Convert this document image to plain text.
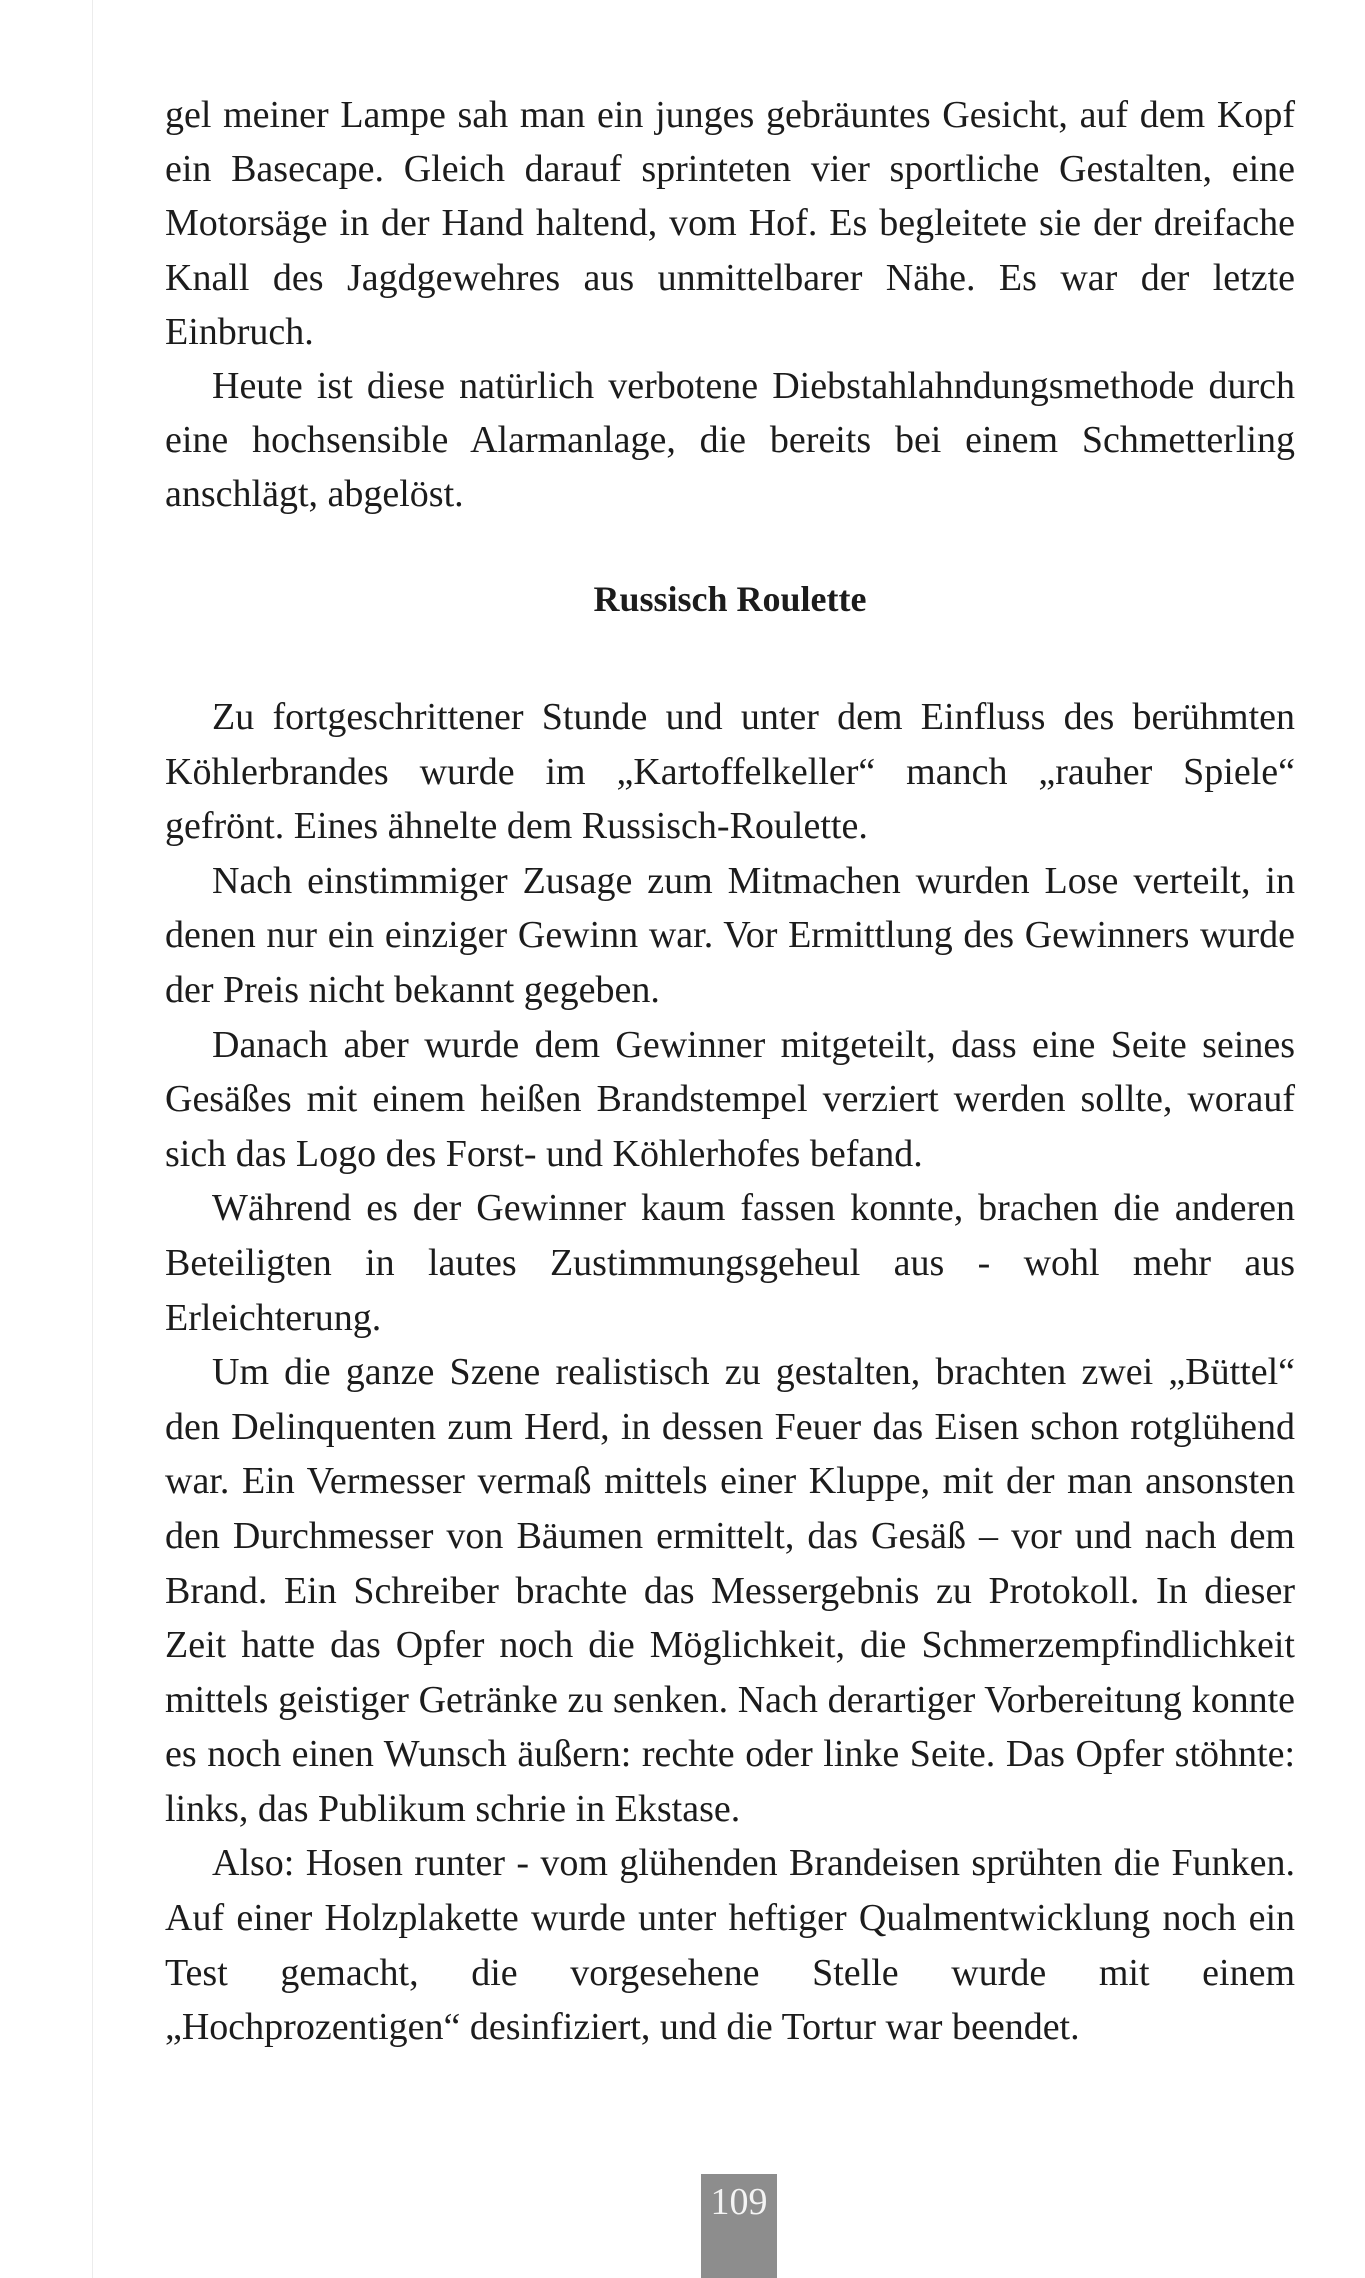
gel meiner Lampe sah man ein junges gebräuntes Gesicht, auf dem Kopf ein Basecape. Gleich darauf sprinteten vier sportliche Gestalten, eine Motorsäge in der Hand haltend, vom Hof. Es begleitete sie der dreifache Knall des Jagdgewehres aus unmittelbarer Nähe. Es war der letzte Einbruch.

Heute ist diese natürlich verbotene Diebstahlahndungsmethode durch eine hochsensible Alarmanlage, die bereits bei einem Schmetterling anschlägt, abgelöst.

Russisch Roulette

Zu fortgeschrittener Stunde und unter dem Einfluss des berühmten Köhlerbrandes wurde im „Kartoffelkeller“ manch „rauher Spiele“ gefrönt. Eines ähnelte dem Russisch-Roulette.

Nach einstimmiger Zusage zum Mitmachen wurden Lose verteilt, in denen nur ein einziger Gewinn war. Vor Ermittlung des Gewinners wurde der Preis nicht bekannt gegeben.

Danach aber wurde dem Gewinner mitgeteilt, dass eine Seite seines Gesäßes mit einem heißen Brandstempel verziert werden sollte, worauf sich das Logo des Forst- und Köhlerhofes befand.

Während es der Gewinner kaum fassen konnte, brachen die anderen Beteiligten in lautes Zustimmungsgeheul aus - wohl mehr aus Erleichterung.

Um die ganze Szene realistisch zu gestalten, brachten zwei „Büttel“ den Delinquenten zum Herd, in dessen Feuer das Eisen schon rotglühend war. Ein Vermesser vermaß mittels einer Kluppe, mit der man ansonsten den Durchmesser von Bäumen ermittelt, das Gesäß – vor und nach dem Brand. Ein Schreiber brachte das Messergebnis zu Protokoll. In dieser Zeit hatte das Opfer noch die Möglichkeit, die Schmerzempfindlichkeit mittels geistiger Getränke zu senken. Nach derartiger Vorbereitung konnte es noch einen Wunsch äußern: rechte oder linke Seite. Das Opfer stöhnte: links, das Publikum schrie in Ekstase.

Also: Hosen runter - vom glühenden Brandeisen sprühten die Funken. Auf einer Holzplakette wurde unter heftiger Qualmentwicklung noch ein Test gemacht, die vorgesehene Stelle wurde mit einem „Hochprozentigen“ desinfiziert, und die Tortur war beendet.

109
